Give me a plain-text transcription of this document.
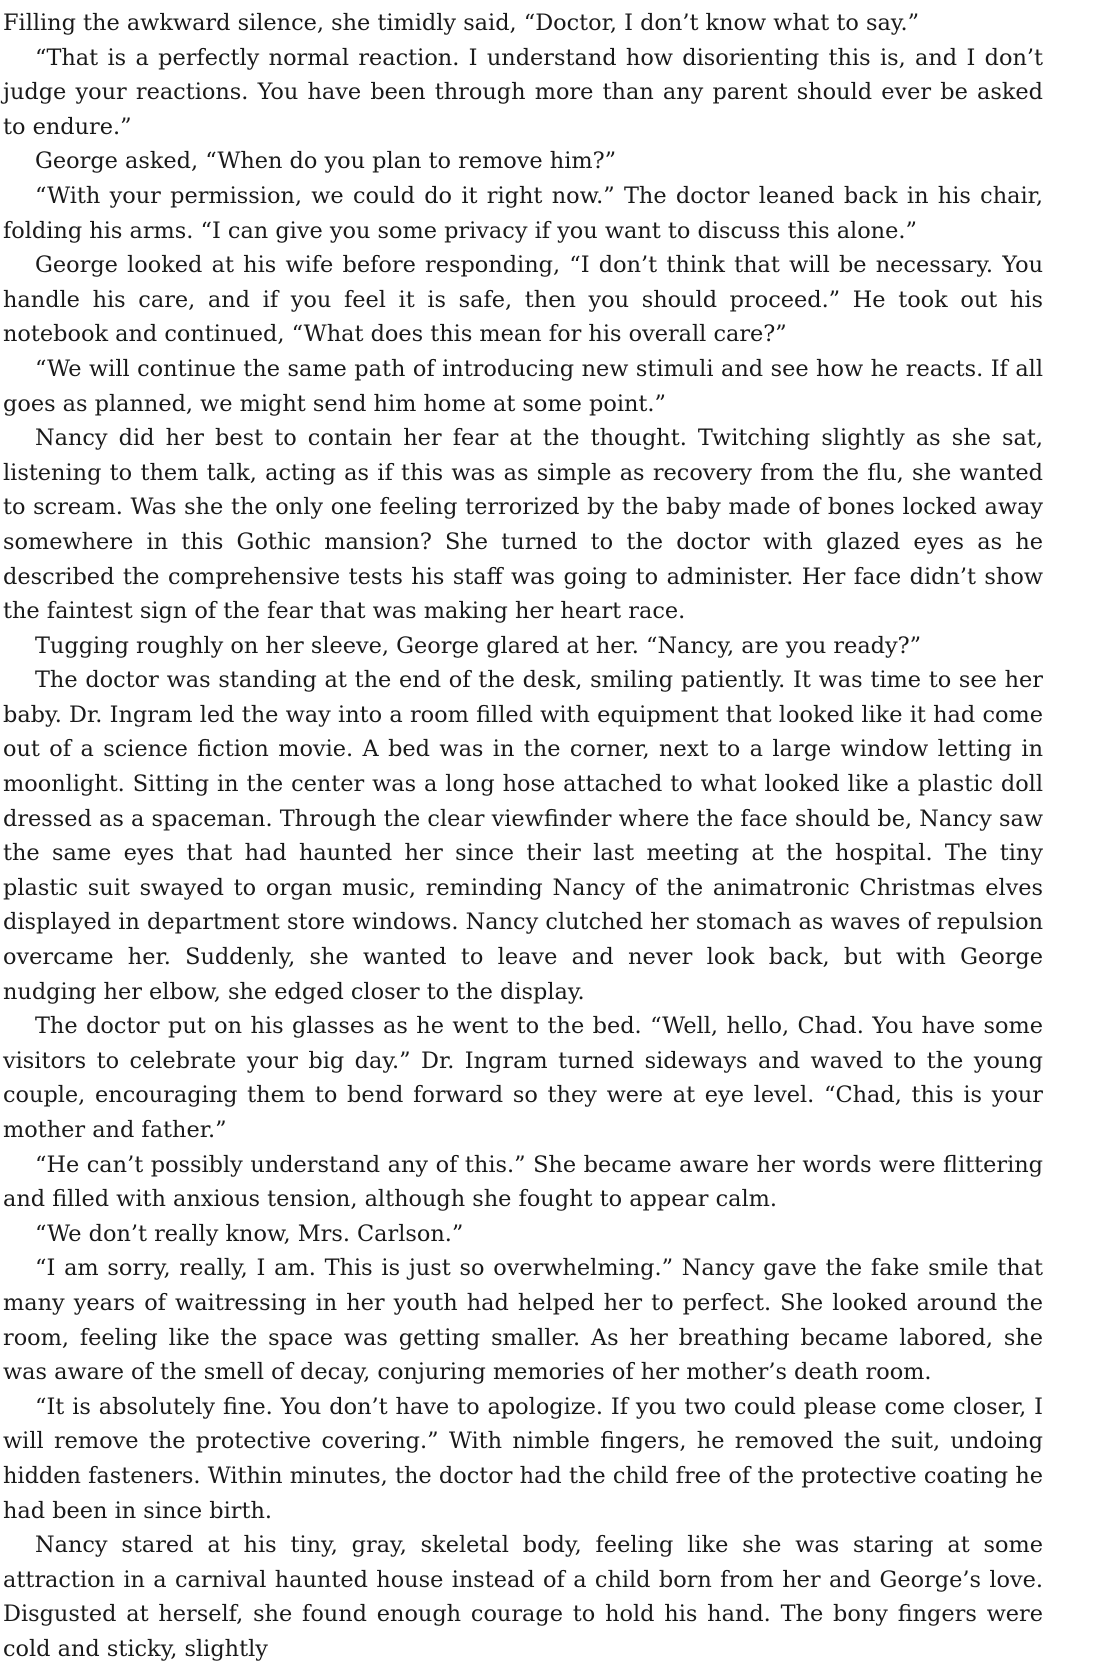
Filling the awkward silence, she timidly said, “Doctor, I don’t know what to say.”

“That is a perfectly normal reaction. I understand how disorienting this is, and I don’t judge your reactions. You have been through more than any parent should ever be asked to endure.”

George asked, “When do you plan to remove him?”

“With your permission, we could do it right now.” The doctor leaned back in his chair, folding his arms. “I can give you some privacy if you want to discuss this alone.”

George looked at his wife before responding, “I don’t think that will be necessary. You handle his care, and if you feel it is safe, then you should proceed.” He took out his notebook and continued, “What does this mean for his overall care?”

“We will continue the same path of introducing new stimuli and see how he reacts. If all goes as planned, we might send him home at some point.”

Nancy did her best to contain her fear at the thought. Twitching slightly as she sat, listening to them talk, acting as if this was as simple as recovery from the flu, she wanted to scream. Was she the only one feeling terrorized by the baby made of bones locked away somewhere in this Gothic mansion? She turned to the doctor with glazed eyes as he described the comprehensive tests his staff was going to administer. Her face didn’t show the faintest sign of the fear that was making her heart race.

Tugging roughly on her sleeve, George glared at her. “Nancy, are you ready?”

The doctor was standing at the end of the desk, smiling patiently. It was time to see her baby. Dr. Ingram led the way into a room filled with equipment that looked like it had come out of a science fiction movie. A bed was in the corner, next to a large window letting in moonlight. Sitting in the center was a long hose attached to what looked like a plastic doll dressed as a spaceman. Through the clear viewfinder where the face should be, Nancy saw the same eyes that had haunted her since their last meeting at the hospital. The tiny plastic suit swayed to organ music, reminding Nancy of the animatronic Christmas elves displayed in department store windows. Nancy clutched her stomach as waves of repulsion overcame her. Suddenly, she wanted to leave and never look back, but with George nudging her elbow, she edged closer to the display.

The doctor put on his glasses as he went to the bed. “Well, hello, Chad. You have some visitors to celebrate your big day.” Dr. Ingram turned sideways and waved to the young couple, encouraging them to bend forward so they were at eye level. “Chad, this is your mother and father.”

“He can’t possibly understand any of this.” She became aware her words were flittering and filled with anxious tension, although she fought to appear calm.

“We don’t really know, Mrs. Carlson.”

“I am sorry, really, I am. This is just so overwhelming.” Nancy gave the fake smile that many years of waitressing in her youth had helped her to perfect. She looked around the room, feeling like the space was getting smaller. As her breathing became labored, she was aware of the smell of decay, conjuring memories of her mother’s death room.

“It is absolutely fine. You don’t have to apologize. If you two could please come closer, I will remove the protective covering.” With nimble fingers, he removed the suit, undoing hidden fasteners. Within minutes, the doctor had the child free of the protective coating he had been in since birth.

Nancy stared at his tiny, gray, skeletal body, feeling like she was staring at some attraction in a carnival haunted house instead of a child born from her and George’s love. Disgusted at herself, she found enough courage to hold his hand. The bony fingers were cold and sticky, slightly
